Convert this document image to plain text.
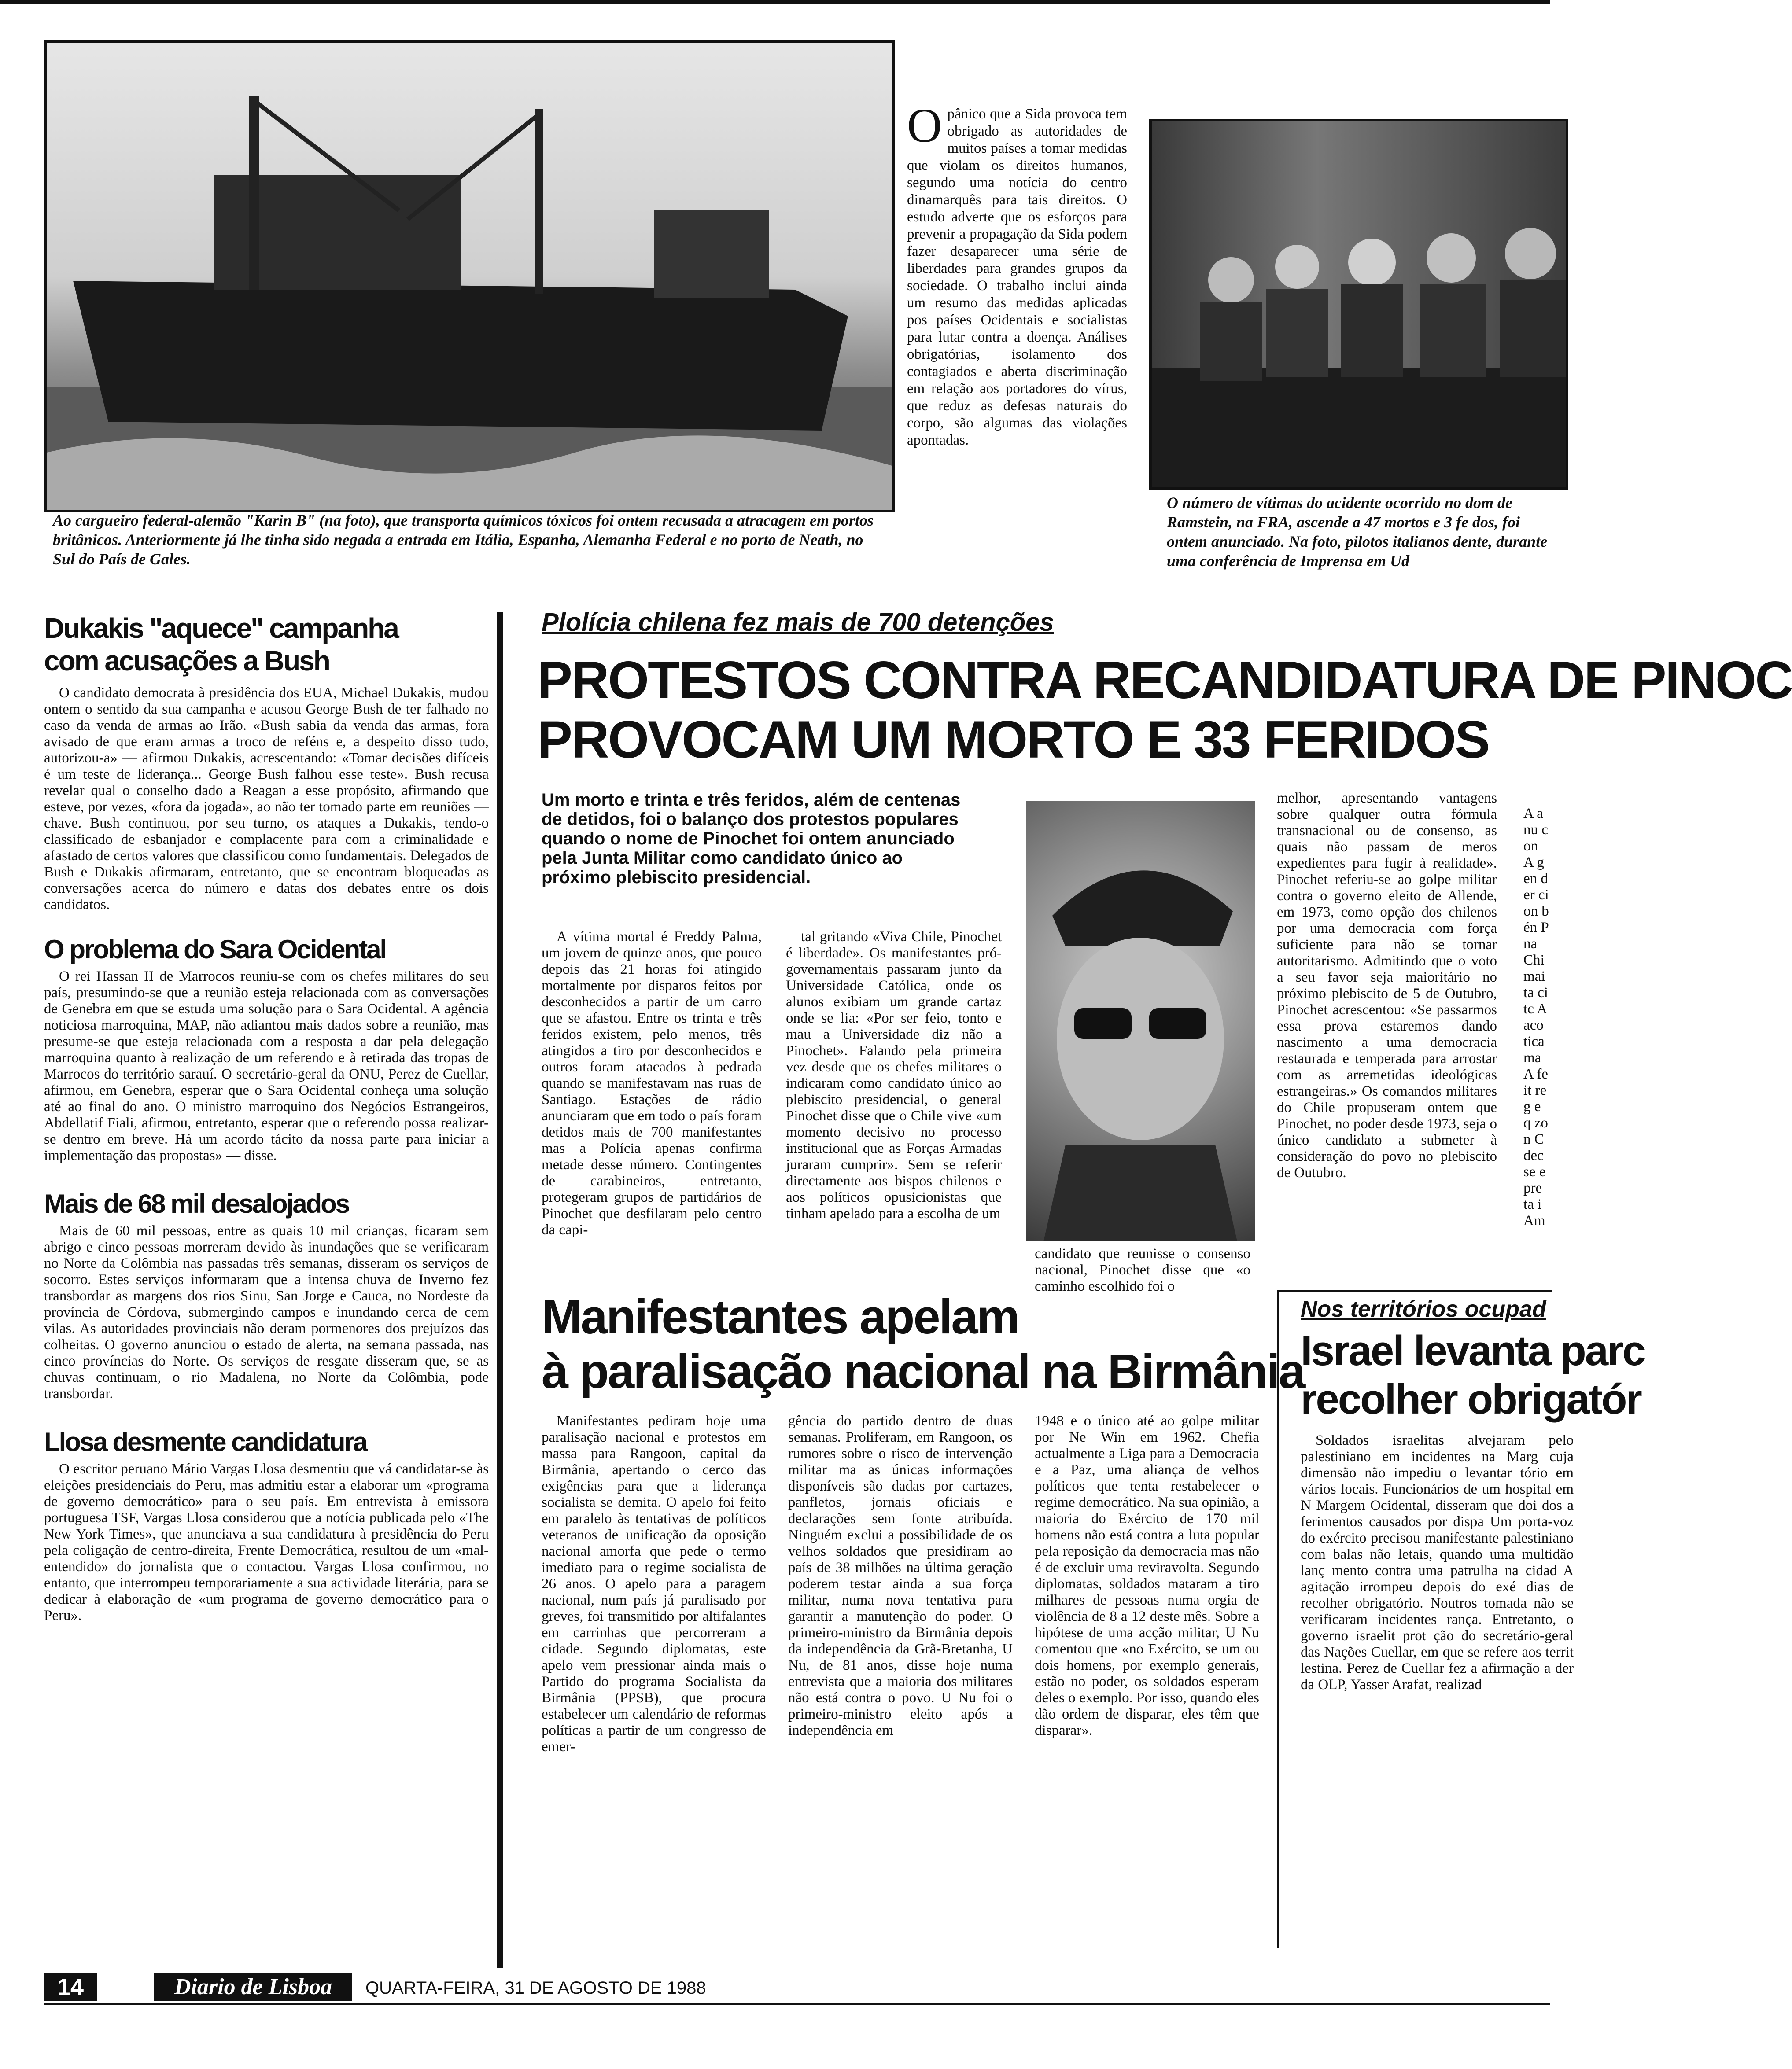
Ao cargueiro federal-alemão "Karin B" (na foto), que transporta químicos tóxicos foi ontem recusada a atracagem em portos britânicos. Anteriormente já lhe tinha sido negada a entrada em Itália, Espanha, Alemanha Federal e no porto de Neath, no Sul do País de Gales.
O pânico que a Sida provoca tem obrigado as autoridades de muitos países a tomar medidas que violam os direitos humanos, segundo uma notícia do centro dinamarquês para tais direitos. O estudo adverte que os esforços para prevenir a propagação da Sida podem fazer desaparecer uma série de liberdades para grandes grupos da sociedade. O trabalho inclui ainda um resumo das medidas aplicadas pos países Ocidentais e socialistas para lutar contra a doença. Análises obrigatórias, isolamento dos contagiados e aberta discriminação em relação aos portadores do vírus, que reduz as defesas naturais do corpo, são algumas das violações apontadas.
O número de vítimas do acidente ocorrido no dom de Ramstein, na FRA, ascende a 47 mortos e 3 fe dos, foi ontem anunciado. Na foto, pilotos italianos dente, durante uma conferência de Imprensa em Ud
Dukakis "aquece" campanha
com acusações a Bush

O candidato democrata à presidência dos EUA, Michael Dukakis, mudou ontem o sentido da sua campanha e acusou George Bush de ter falhado no caso da venda de armas ao Irão. «Bush sabia da venda das armas, fora avisado de que eram armas a troco de reféns e, a despeito disso tudo, autorizou-a» — afirmou Dukakis, acrescentando: «Tomar decisões difíceis é um teste de liderança... George Bush falhou esse teste». Bush recusa revelar qual o conselho dado a Reagan a esse propósito, afirmando que esteve, por vezes, «fora da jogada», ao não ter tomado parte em reuniões — chave. Bush continuou, por seu turno, os ataques a Dukakis, tendo-o classificado de esbanjador e complacente para com a criminalidade e afastado de certos valores que classificou como fundamentais. Delegados de Bush e Dukakis afirmaram, entretanto, que se encontram bloqueadas as conversações acerca do número e datas dos debates entre os dois candidatos.

O problema do Sara Ocidental

O rei Hassan II de Marrocos reuniu-se com os chefes militares do seu país, presumindo-se que a reunião esteja relacionada com as conversações de Genebra em que se estuda uma solução para o Sara Ocidental. A agência noticiosa marroquina, MAP, não adiantou mais dados sobre a reunião, mas presume-se que esteja relacionada com a resposta a dar pela delegação marroquina quanto à realização de um referendo e à retirada das tropas de Marrocos do território sarauí. O secretário-geral da ONU, Perez de Cuellar, afirmou, em Genebra, esperar que o Sara Ocidental conheça uma solução até ao final do ano. O ministro marroquino dos Negócios Estrangeiros, Abdellatif Fiali, afirmou, entretanto, esperar que o referendo possa realizar-se dentro em breve. Há um acordo tácito da nossa parte para iniciar a implementação das propostas» — disse.

Mais de 68 mil desalojados

Mais de 60 mil pessoas, entre as quais 10 mil crianças, ficaram sem abrigo e cinco pessoas morreram devido às inundações que se verificaram no Norte da Colômbia nas passadas três semanas, disseram os serviços de socorro. Estes serviços informaram que a intensa chuva de Inverno fez transbordar as margens dos rios Sinu, San Jorge e Cauca, no Nordeste da província de Córdova, submergindo campos e inundando cerca de cem vilas. As autoridades provinciais não deram pormenores dos prejuízos das colheitas. O governo anunciou o estado de alerta, na semana passada, nas cinco províncias do Norte. Os serviços de resgate disseram que, se as chuvas continuam, o rio Madalena, no Norte da Colômbia, pode transbordar.

Llosa desmente candidatura

O escritor peruano Mário Vargas Llosa desmentiu que vá candidatar-se às eleições presidenciais do Peru, mas admitiu estar a elaborar um «programa de governo democrático» para o seu país. Em entrevista à emissora portuguesa TSF, Vargas Llosa considerou que a notícia publicada pelo «The New York Times», que anunciava a sua candidatura à presidência do Peru pela coligação de centro-direita, Frente Democrática, resultou de um «mal-entendido» do jornalista que o contactou. Vargas Llosa confirmou, no entanto, que interrompeu temporariamente a sua actividade literária, para se dedicar à elaboração de «um programa de governo democrático para o Peru».

Plolícia chilena fez mais de 700 detenções
PROTESTOS CONTRA RECANDIDATURA DE PINOC
PROVOCAM UM MORTO E 33 FERIDOS
Um morto e trinta e três feridos, além de centenas de detidos, foi o balanço dos protestos populares quando o nome de Pinochet foi ontem anunciado pela Junta Militar como candidato único ao próximo plebiscito presidencial.

A vítima mortal é Freddy Palma, um jovem de quinze anos, que pouco depois das 21 horas foi atingido mortalmente por disparos feitos por desconhecidos a partir de um carro que se afastou. Entre os trinta e três feridos existem, pelo menos, três atingidos a tiro por desconhecidos e outros foram atacados à pedrada quando se manifestavam nas ruas de Santiago. Estações de rádio anunciaram que em todo o país foram detidos mais de 700 manifestantes mas a Polícia apenas confirma metade desse número. Contingentes de carabineiros, entretanto, protegeram grupos de partidários de Pinochet que desfilaram pelo centro da capi-

tal gritando «Viva Chile, Pinochet é liberdade». Os manifestantes pró-governamentais passaram junto da Universidade Católica, onde os alunos exibiam um grande cartaz onde se lia: «Por ser feio, tonto e mau a Universidade diz não a Pinochet». Falando pela primeira vez desde que os chefes militares o indicaram como candidato único ao plebiscito presidencial, o general Pinochet disse que o Chile vive «um momento decisivo no processo institucional que as Forças Armadas juraram cumprir». Sem se referir directamente aos bispos chilenos e aos políticos opusicionistas que tinham apelado para a escolha de um

candidato que reunisse o consenso nacional, Pinochet disse que «o caminho escolhido foi o

melhor, apresentando vantagens sobre qualquer outra fórmula transnacional ou de consenso, as quais não passam de meros expedientes para fugir à realidade». Pinochet referiu-se ao golpe militar contra o governo eleito de Allende, em 1973, como opção dos chilenos por uma democracia com força suficiente para não se tornar autoritarismo. Admitindo que o voto a seu favor seja maioritário no próximo plebiscito de 5 de Outubro, Pinochet acrescentou: «Se passarmos essa prova estaremos dando nascimento a uma democracia restaurada e temperada para arrostar com as arremetidas ideológicas estrangeiras.» Os comandos militares do Chile propuseram ontem que Pinochet, no poder desde 1973, seja o único candidato a submeter à consideração do povo no plebiscito de Outubro.

A anu con A gen der cion bén P na Chi mai ta citc A aco tica ma A feit reg e q zon C dec se e pre ta i Am

Manifestantes apelam
à paralisação nacional na Birmânia

Manifestantes pediram hoje uma paralisação nacional e protestos em massa para Rangoon, capital da Birmânia, apertando o cerco das exigências para que a liderança socialista se demita. O apelo foi feito em paralelo às tentativas de políticos veteranos de unificação da oposição nacional amorfa que pede o termo imediato para o regime socialista de 26 anos. O apelo para a paragem nacional, num país já paralisado por greves, foi transmitido por altifalantes em carrinhas que percorreram a cidade. Segundo diplomatas, este apelo vem pressionar ainda mais o Partido do programa Socialista da Birmânia (PPSB), que procura estabelecer um calendário de reformas políticas a partir de um congresso de emer-

gência do partido dentro de duas semanas. Proliferam, em Rangoon, os rumores sobre o risco de intervenção militar ma as únicas informações disponíveis são dadas por cartazes, panfletos, jornais oficiais e declarações sem fonte atribuída. Ninguém exclui a possibilidade de os velhos soldados que presidiram ao país de 38 milhões na última geração poderem testar ainda a sua força militar, numa nova tentativa para garantir a manutenção do poder. O primeiro-ministro da Birmânia depois da independência da Grã-Bretanha, U Nu, de 81 anos, disse hoje numa entrevista que a maioria dos militares não está contra o povo. U Nu foi o primeiro-ministro eleito após a independência em

1948 e o único até ao golpe militar por Ne Win em 1962. Chefia actualmente a Liga para a Democracia e a Paz, uma aliança de velhos políticos que tenta restabelecer o regime democrático. Na sua opinião, a maioria do Exército de 170 mil homens não está contra a luta popular pela reposição da democracia mas não é de excluir uma reviravolta. Segundo diplomatas, soldados mataram a tiro milhares de pessoas numa orgia de violência de 8 a 12 deste mês. Sobre a hipótese de uma acção militar, U Nu comentou que «no Exército, se um ou dois homens, por exemplo generais, estão no poder, os soldados esperam deles o exemplo. Por isso, quando eles dão ordem de disparar, eles têm que disparar».

Nos territórios ocupad
Israel levanta parc
recolher obrigatór

Soldados israelitas alvejaram pelo palestiniano em incidentes na Marg cuja dimensão não impediu o levantar tório em vários locais. Funcionários de um hospital em N Margem Ocidental, disseram que doi dos a ferimentos causados por dispa Um porta-voz do exército precisou manifestante palestiniano com balas não letais, quando uma multidão lanç mento contra uma patrulha na cidad A agitação irrompeu depois do exé dias de recolher obrigatório. Noutros tomada não se verificaram incidentes rança. Entretanto, o governo israelit prot ção do secretário-geral das Nações Cuellar, em que se refere aos territ lestina. Perez de Cuellar fez a afirmação a der da OLP, Yasser Arafat, realizad

14	Diario de Lisboa	QUARTA-FEIRA, 31 DE AGOSTO DE 1988
